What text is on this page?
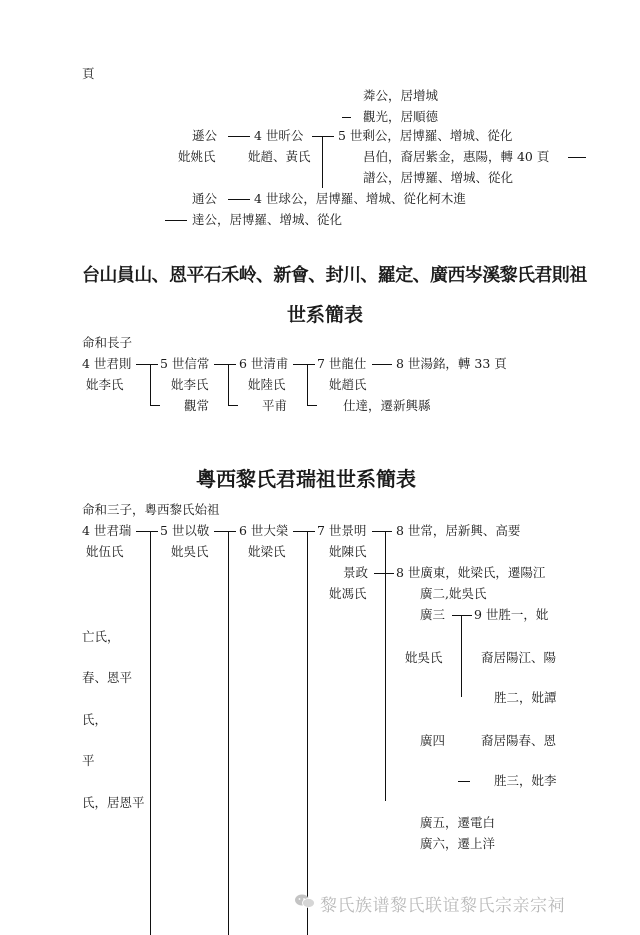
頁
粦公，居增城
觀光，居順德
遜公	4 世昕公	5 世剩公，居博羅、增城、從化
妣姚氏	妣趙、黃氏	昌伯，裔居紫金，惠陽，轉 40 頁
譜公，居博羅、增城、從化
通公	4 世球公，居博羅、增城、從化柯木進
達公，居博羅、增城、從化
台山員山、恩平石禾岭、新會、封川、羅定、廣西岑溪黎氏君則祖
世系簡表
命和長子
4 世君則 5 世信常 6 世清甫 7 世龍仕 8 世湯銘，轉 33 頁
妣李氏	妣李氏	妣陸氏	妣趙氏
觀常	平甫	仕達，遷新興縣
粵西黎氏君瑞祖世系簡表
命和三子，粵西黎氏始祖
4 世君瑞 5 世以敬 6 世大榮 7 世景明 8 世常，居新興、高要
妣伍氏	妣吳氏	妣梁氏	妣陳氏
景政 8 世廣東，妣梁氏，遷陽江
妣馮氏	廣二,妣吳氏
廣三 9 世胜一，妣
妣吳氏	裔居陽江、陽
胜二，妣譚
廣四	裔居陽春、恩
胜三，妣李
廣五，遷電白
廣六，遷上洋
亡氏，
春、恩平
氏，
平
氏，居恩平
黎氏族谱黎氏联谊黎氏宗亲宗祠
